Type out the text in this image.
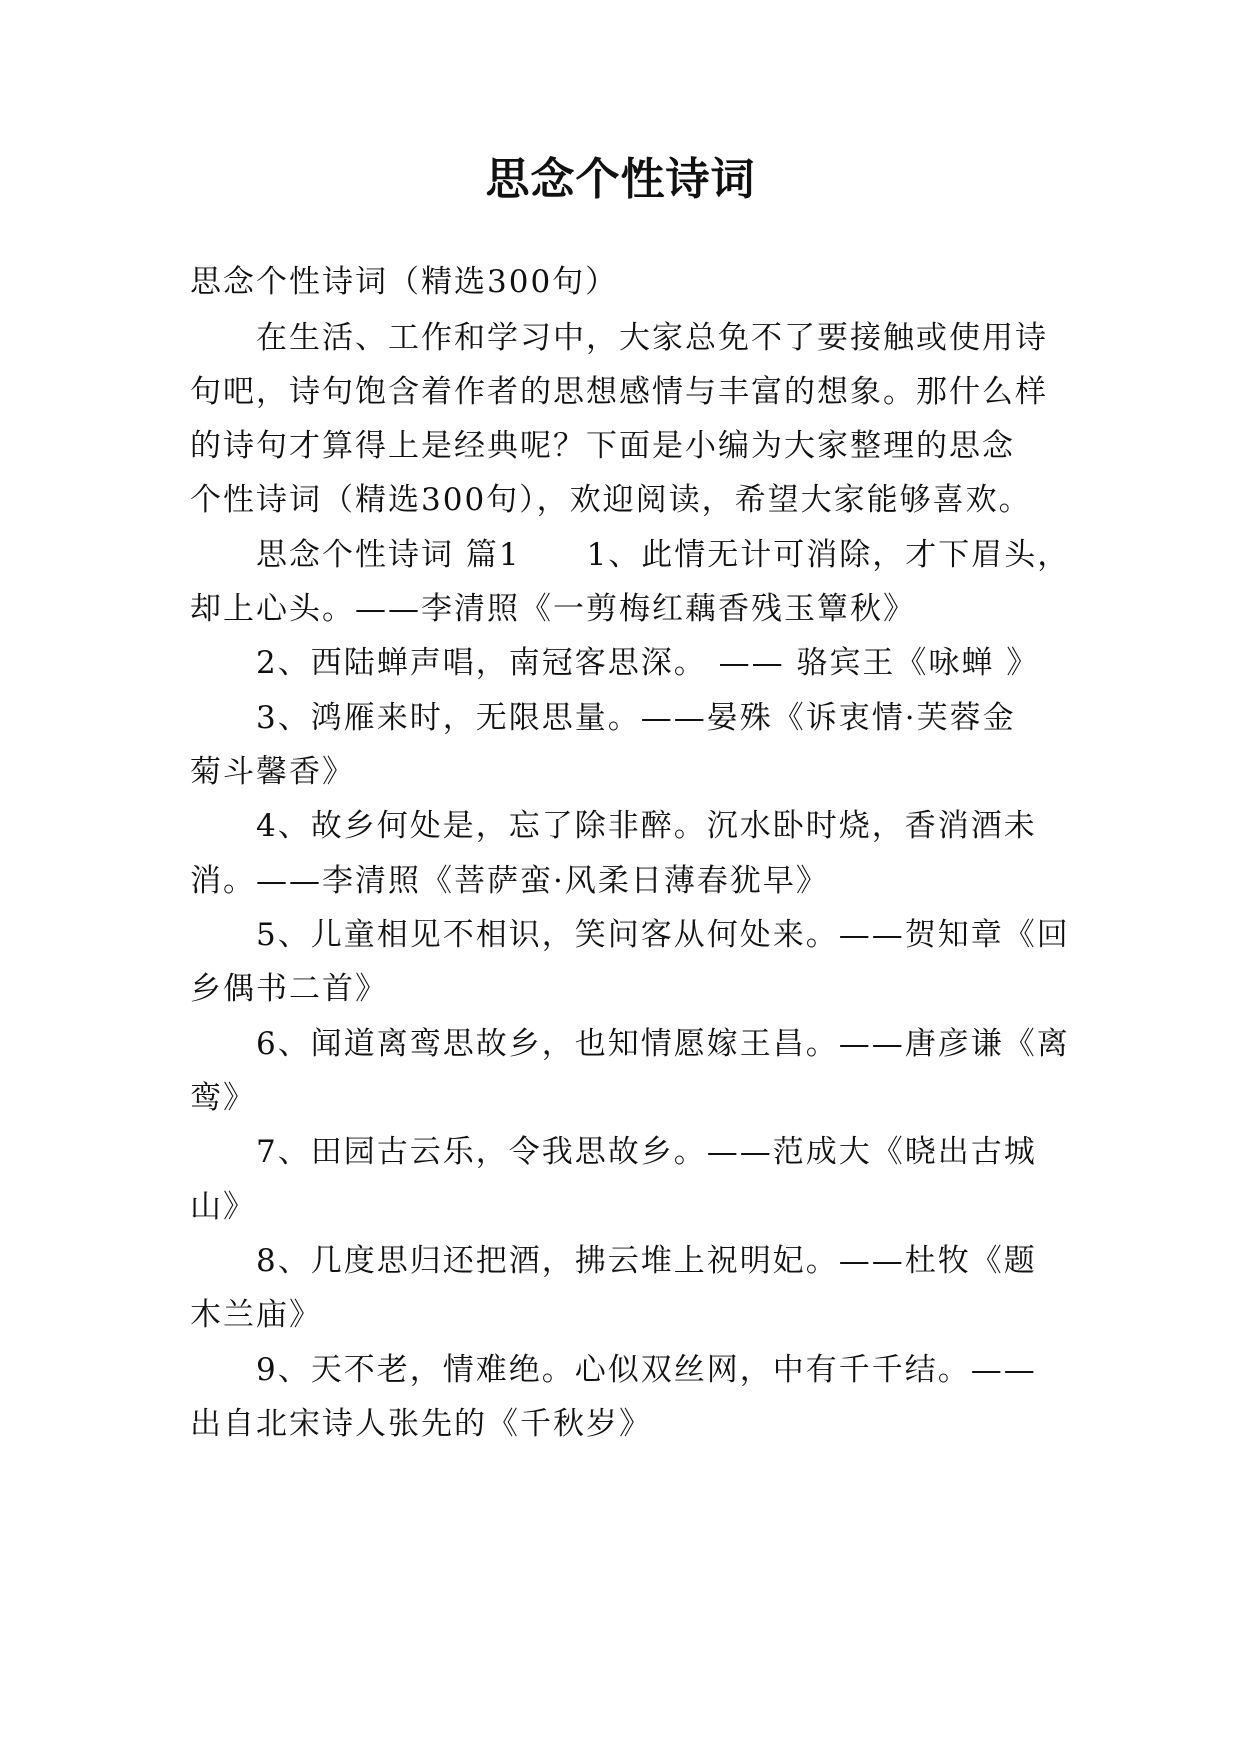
思念个性诗词
思念个性诗词（精选300句）
在生活、工作和学习中，大家总免不了要接触或使用诗
句吧，诗句饱含着作者的思想感情与丰富的想象。那什么样
的诗句才算得上是经典呢？下面是小编为大家整理的思念
个性诗词（精选300句），欢迎阅读，希望大家能够喜欢。
思念个性诗词 篇1　　1、此情无计可消除，才下眉头，
却上心头。——李清照《一剪梅红藕香残玉簟秋》
2、西陆蝉声唱，南冠客思深。 —— 骆宾王《咏蝉 》
3、鸿雁来时，无限思量。——晏殊《诉衷情·芙蓉金
菊斗馨香》
4、故乡何处是，忘了除非醉。沉水卧时烧，香消酒未
消。——李清照《菩萨蛮·风柔日薄春犹早》
5、儿童相见不相识，笑问客从何处来。——贺知章《回
乡偶书二首》
6、闻道离鸾思故乡，也知情愿嫁王昌。——唐彦谦《离
鸾》
7、田园古云乐，令我思故乡。——范成大《晓出古城
山》
8、几度思归还把酒，拂云堆上祝明妃。——杜牧《题
木兰庙》
9、天不老，情难绝。心似双丝网，中有千千结。——
出自北宋诗人张先的《千秋岁》
